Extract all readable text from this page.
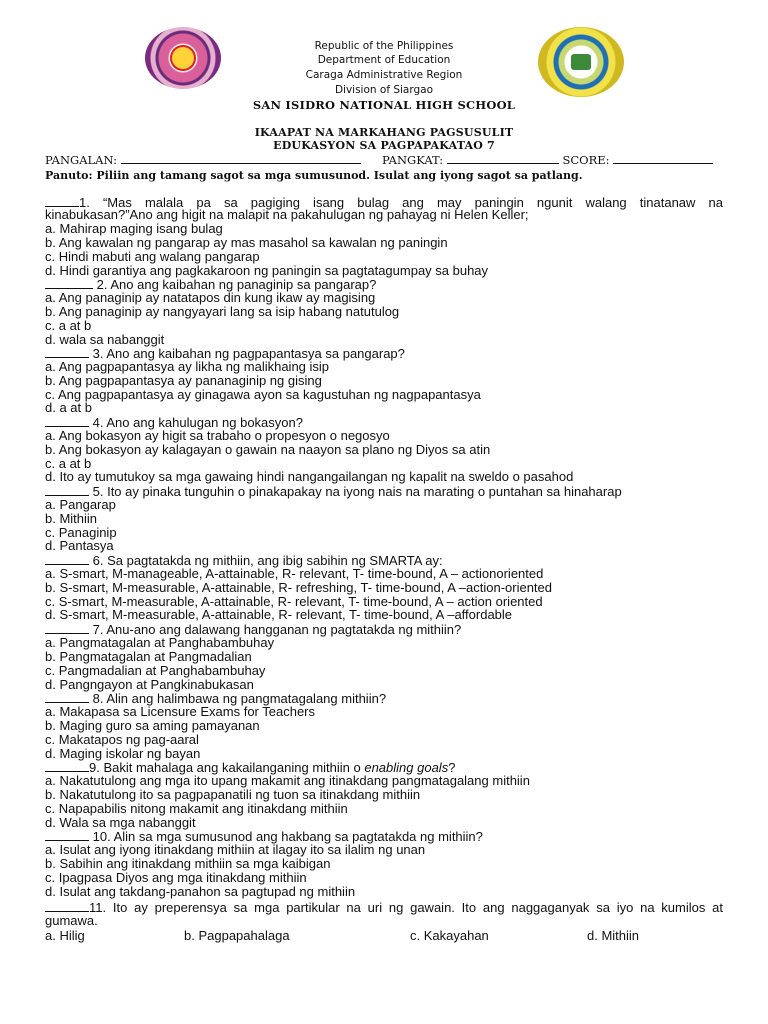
Republic of the Philippines
Department of Education
Caraga Administrative Region
Division of Siargao
SAN ISIDRO NATIONAL HIGH SCHOOL
IKAAPAT NA MARKAHANG PAGSUSULIT
EDUKASYON SA PAGPAPAKATAO 7
PANGALAN:	PANGKAT:	SCORE:
Panuto: Piliin ang tamang sagot sa mga sumusunod. Isulat ang iyong sagot sa patlang.
1. “Mas malala pa sa pagiging isang bulag ang may paningin ngunit walang tinatanaw na
kinabukasan?”Ano ang higit na malapit na pakahulugan ng pahayag ni Helen Keller;
a. Mahirap maging isang bulag
b. Ang kawalan ng pangarap ay mas masahol sa kawalan ng paningin
c. Hindi mabuti ang walang pangarap
d. Hindi garantiya ang pagkakaroon ng paningin sa pagtatagumpay sa buhay
2. Ano ang kaibahan ng panaginip sa pangarap?
a. Ang panaginip ay natatapos din kung ikaw ay magising
b. Ang panaginip ay nangyayari lang sa isip habang natutulog
c. a at b
d. wala sa nabanggit
3. Ano ang kaibahan ng pagpapantasya sa pangarap?
a. Ang pagpapantasya ay likha ng malikhaing isip
b. Ang pagpapantasya ay pananaginip ng gising
c. Ang pagpapantasya ay ginagawa ayon sa kagustuhan ng nagpapantasya
d. a at b
4. Ano ang kahulugan ng bokasyon?
a. Ang bokasyon ay higit sa trabaho o propesyon o negosyo
b. Ang bokasyon ay kalagayan o gawain na naayon sa plano ng Diyos sa atin
c. a at b
d. Ito ay tumutukoy sa mga gawaing hindi nangangailangan ng kapalit na sweldo o pasahod
5. Ito ay pinaka tunguhin o pinakapakay na iyong nais na marating o puntahan sa hinaharap
a. Pangarap
b. Mithiin
c. Panaginip
d. Pantasya
6. Sa pagtatakda ng mithiin, ang ibig sabihin ng SMARTA ay:
a. S-smart, M-manageable, A-attainable, R- relevant, T- time-bound, A – actionoriented
b. S-smart, M-measurable, A-attainable, R- refreshing, T- time-bound, A –action-oriented
c. S-smart, M-measurable, A-attainable, R- relevant, T- time-bound, A – action oriented
d. S-smart, M-measurable, A-attainable, R- relevant, T- time-bound, A –affordable
7. Anu-ano ang dalawang hangganan ng pagtatakda ng mithiin?
a. Pangmatagalan at Panghabambuhay
b. Pangmatagalan at Pangmadalian
c. Pangmadalian at Panghabambuhay
d. Pangngayon at Pangkinabukasan
8. Alin ang halimbawa ng pangmatagalang mithiin?
a. Makapasa sa Licensure Exams for Teachers
b. Maging guro sa aming pamayanan
c. Makatapos ng pag-aaral
d. Maging iskolar ng bayan
9. Bakit mahalaga ang kakailanganing mithiin o enabling goals?
a. Nakatutulong ang mga ito upang makamit ang itinakdang pangmatagalang mithiin
b. Nakatutulong ito sa pagpapanatili ng tuon sa itinakdang mithiin
c. Napapabilis nitong makamit ang itinakdang mithiin
d. Wala sa mga nabanggit
10. Alin sa mga sumusunod ang hakbang sa pagtatakda ng mithiin?
a. Isulat ang iyong itinakdang mithiin at ilagay ito sa ilalim ng unan
b. Sabihin ang itinakdang mithiin sa mga kaibigan
c. Ipagpasa Diyos ang mga itinakdang mithiin
d. Isulat ang takdang-panahon sa pagtupad ng mithiin
11. Ito ay preperensya sa mga partikular na uri ng gawain. Ito ang naggaganyak sa iyo na kumilos at
gumawa.
a. Hilig	b. Pagpapahalaga	c. Kakayahan	d. Mithiin
